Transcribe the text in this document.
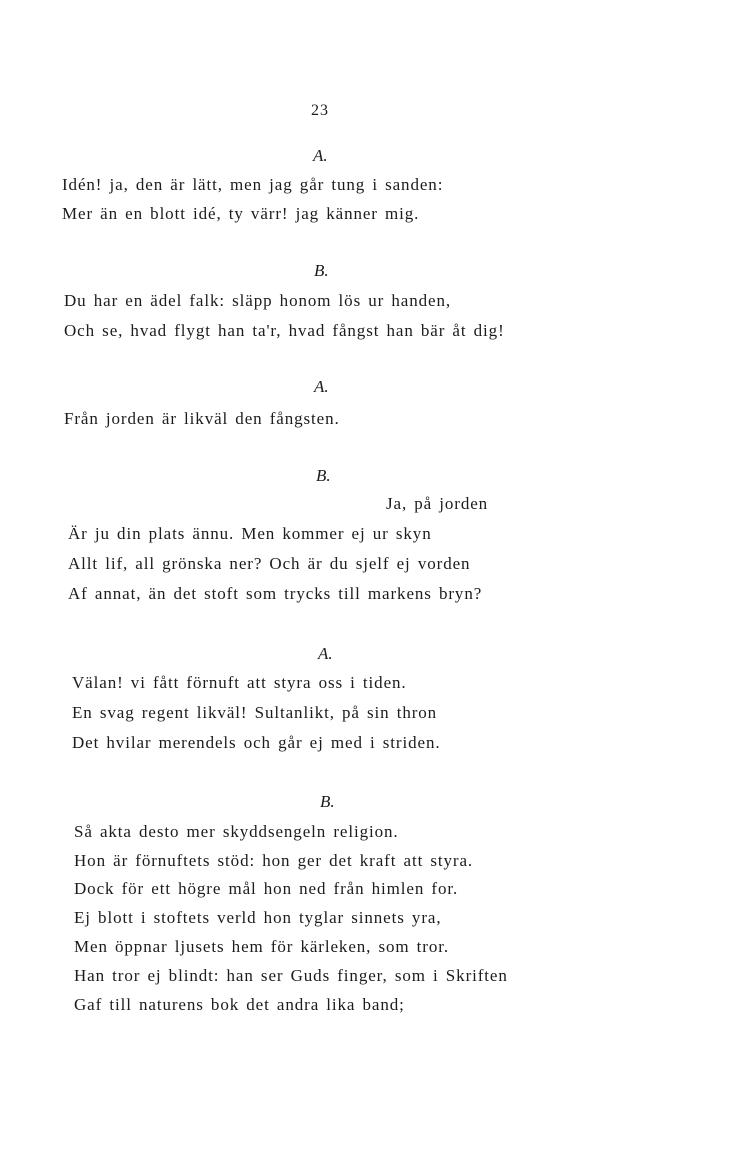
23
A.
Idén! ja, den är lätt, men jag går tung i sanden:
Mer än en blott idé, ty värr! jag känner mig.
B.
Du har en ädel falk: släpp honom lös ur handen,
Och se, hvad flygt han ta'r, hvad fångst han bär åt dig!
A.
Från jorden är likväl den fångsten.
B.
Ja, på jorden
Är ju din plats ännu. Men kommer ej ur skyn
Allt lif, all grönska ner? Och är du sjelf ej vorden
Af annat, än det stoft som trycks till markens bryn?
A.
Välan! vi fått förnuft att styra oss i tiden.
En svag regent likväl! Sultanlikt, på sin thron
Det hvilar merendels och går ej med i striden.
B.
Så akta desto mer skyddsengeln religion.
Hon är förnuftets stöd: hon ger det kraft att styra.
Dock för ett högre mål hon ned från himlen for.
Ej blott i stoftets verld hon tyglar sinnets yra,
Men öppnar ljusets hem för kärleken, som tror.
Han tror ej blindt: han ser Guds finger, som i Skriften
Gaf till naturens bok det andra lika band;
